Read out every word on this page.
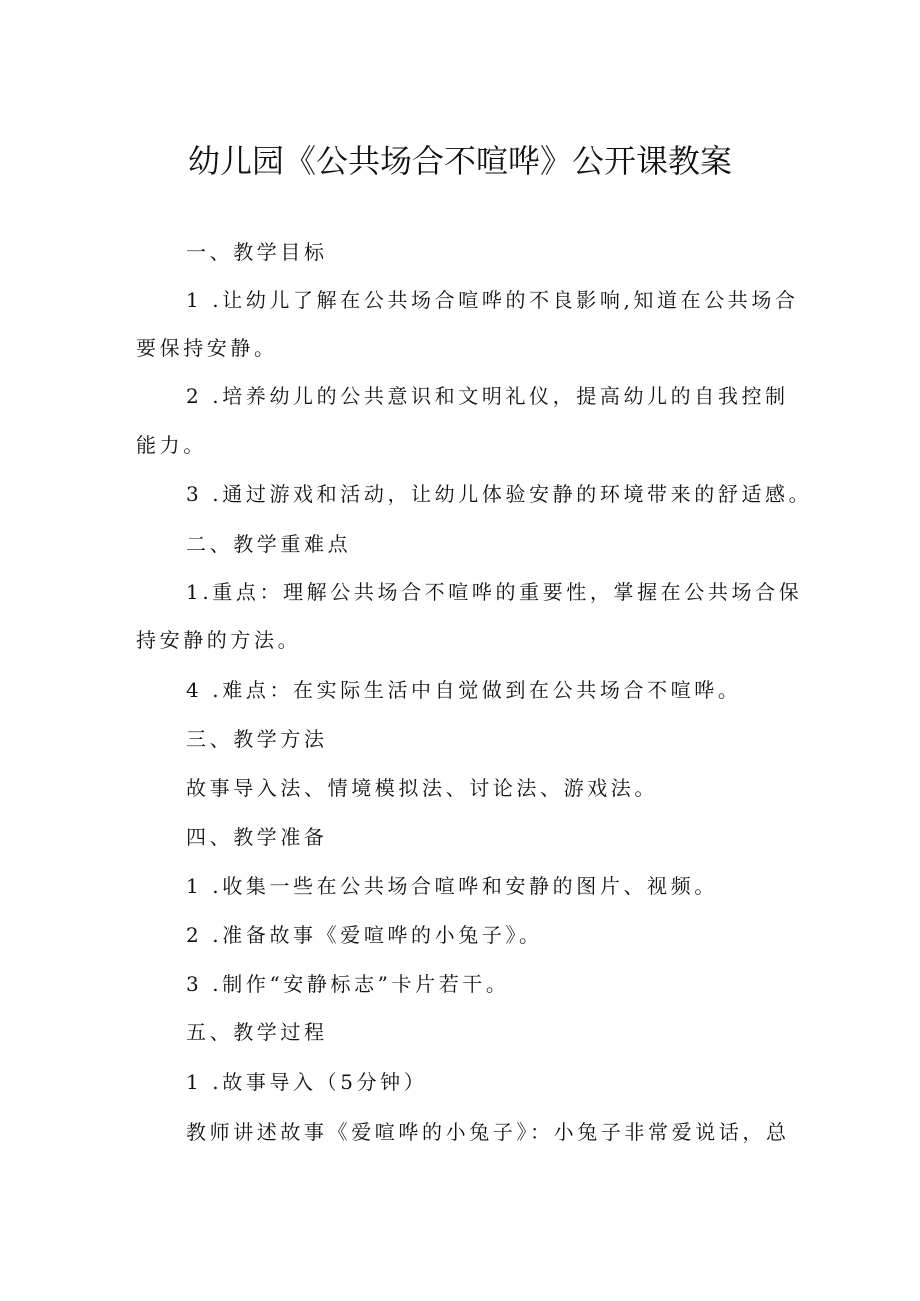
幼儿园《公共场合不喧哗》公开课教案
一、教学目标
1 .让幼儿了解在公共场合喧哗的不良影响,知道在公共场合
要保持安静。
2 .培养幼儿的公共意识和文明礼仪，提高幼儿的自我控制
能力。
3 .通过游戏和活动，让幼儿体验安静的环境带来的舒适感。
二、教学重难点
1.重点：理解公共场合不喧哗的重要性，掌握在公共场合保
持安静的方法。
4 .难点：在实际生活中自觉做到在公共场合不喧哗。
三、教学方法
故事导入法、情境模拟法、讨论法、游戏法。
四、教学准备
1 .收集一些在公共场合喧哗和安静的图片、视频。
2 .准备故事《爱喧哗的小兔子》。
3 .制作“安静标志”卡片若干。
五、教学过程
1 .故事导入（5分钟）
教师讲述故事《爱喧哗的小兔子》：小兔子非常爱说话，总
